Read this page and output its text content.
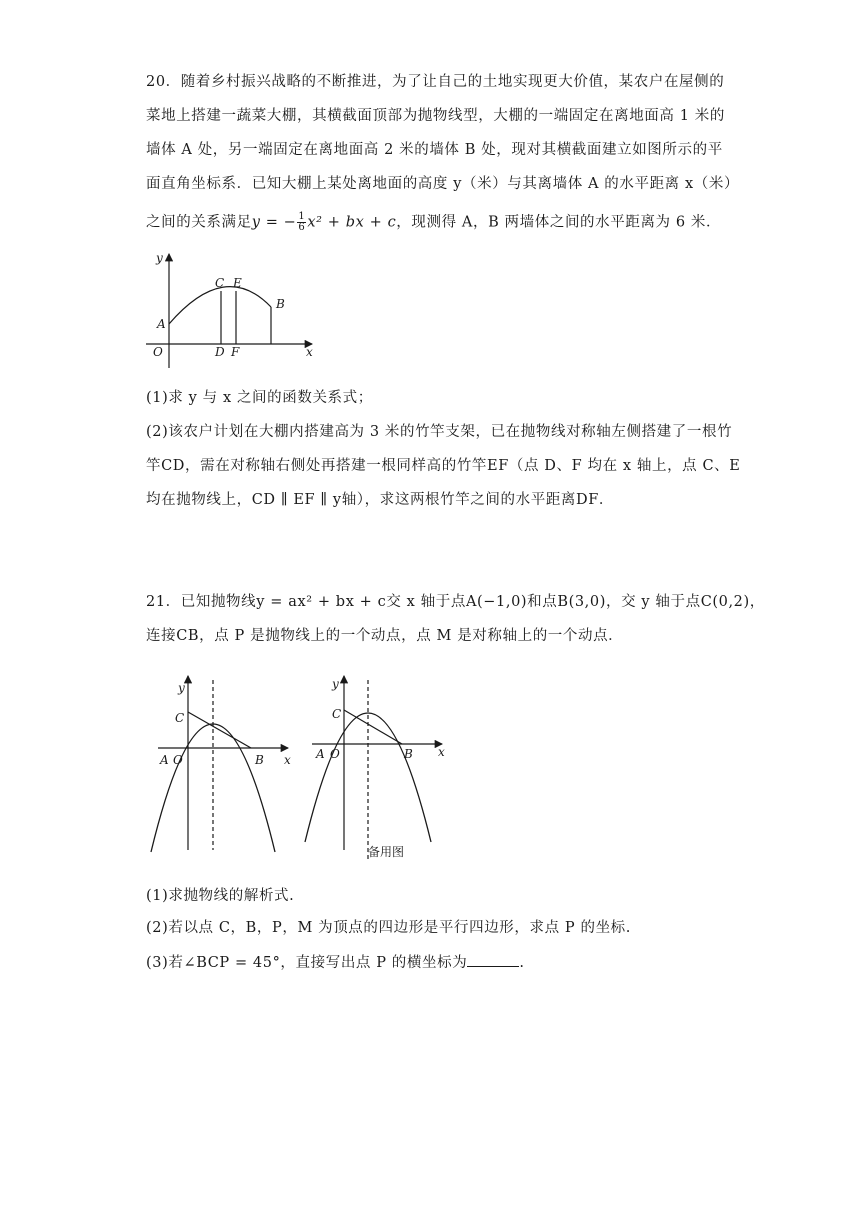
20．随着乡村振兴战略的不断推进，为了让自己的土地实现更大价值，某农户在屋侧的
菜地上搭建一蔬菜大棚，其横截面顶部为抛物线型，大棚的一端固定在离地面高 1 米的
墙体 A 处，另一端固定在离地面高 2 米的墙体 B 处，现对其横截面建立如图所示的平
面直角坐标系．已知大棚上某处离地面的高度 y（米）与其离墙体 A 的水平距离 x（米）
之间的关系满足y = − $\frac{1}{6} x^2$ + bx + c，现测得 A，B 两墙体之间的水平距离为 6 米．
y
x
O
A
B
C E
D F
(1)求 y 与 x 之间的函数关系式；
(2)该农户计划在大棚内搭建高为 3 米的竹竿支架，已在抛物线对称轴左侧搭建了一根竹
竿CD，需在对称轴右侧处再搭建一根同样高的竹竿EF（点 D、F 均在 x 轴上，点 C、E
均在抛物线上，CD ∥ EF ∥ y轴），求这两根竹竿之间的水平距离DF．
21．已知抛物线y = ax² + bx + c交 x 轴于点A(−1,0)和点B(3,0)，交 y 轴于点C(0,2)，
连接CB，点 P 是抛物线上的一个动点，点 M 是对称轴上的一个动点．
y
x
C
A O	B
y
x
C
A O	B
备用图
(1)求抛物线的解析式.
(2)若以点 C，B，P，M 为顶点的四边形是平行四边形，求点 P 的坐标.
(3)若∠BCP = 45°，直接写出点 P 的横坐标为	.
